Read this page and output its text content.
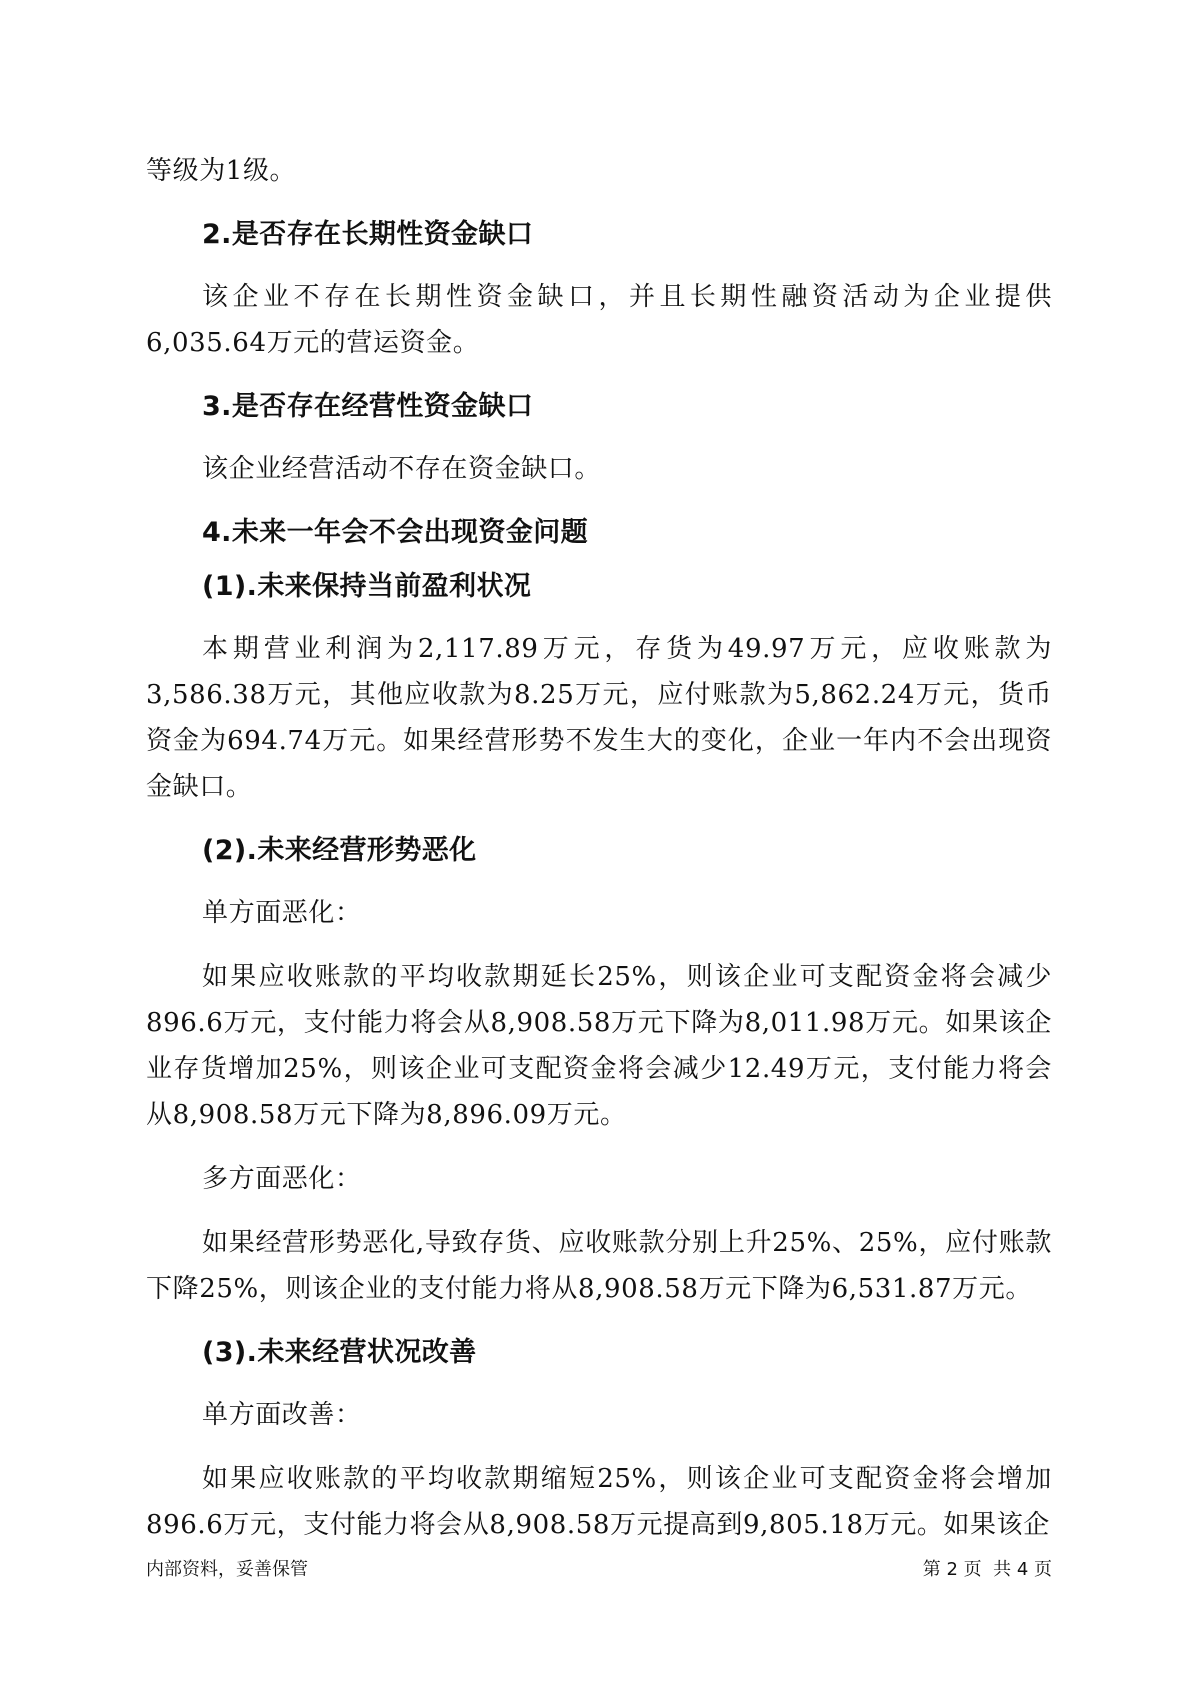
等级为1级。

2.是否存在长期性资金缺口

该企业不存在长期性资金缺口，并且长期性融资活动为企业提供6,035.64万元的营运资金。

3.是否存在经营性资金缺口

该企业经营活动不存在资金缺口。

4.未来一年会不会出现资金问题
(1).未来保持当前盈利状况

本期营业利润为2,117.89万元，存货为49.97万元，应收账款为3,586.38万元，其他应收款为8.25万元，应付账款为5,862.24万元，货币资金为694.74万元。如果经营形势不发生大的变化，企业一年内不会出现资金缺口。

(2).未来经营形势恶化

单方面恶化：

如果应收账款的平均收款期延长25%，则该企业可支配资金将会减少896.6万元，支付能力将会从8,908.58万元下降为8,011.98万元。如果该企业存货增加25%，则该企业可支配资金将会减少12.49万元，支付能力将会从8,908.58万元下降为8,896.09万元。

多方面恶化：

如果经营形势恶化,导致存货、应收账款分别上升25%、25%，应付账款下降25%，则该企业的支付能力将从8,908.58万元下降为6,531.87万元。

(3).未来经营状况改善

单方面改善：

如果应收账款的平均收款期缩短25%，则该企业可支配资金将会增加896.6万元，支付能力将会从8,908.58万元提高到9,805.18万元。如果该企

内部资料，妥善保管	第 2 页  共 4 页
